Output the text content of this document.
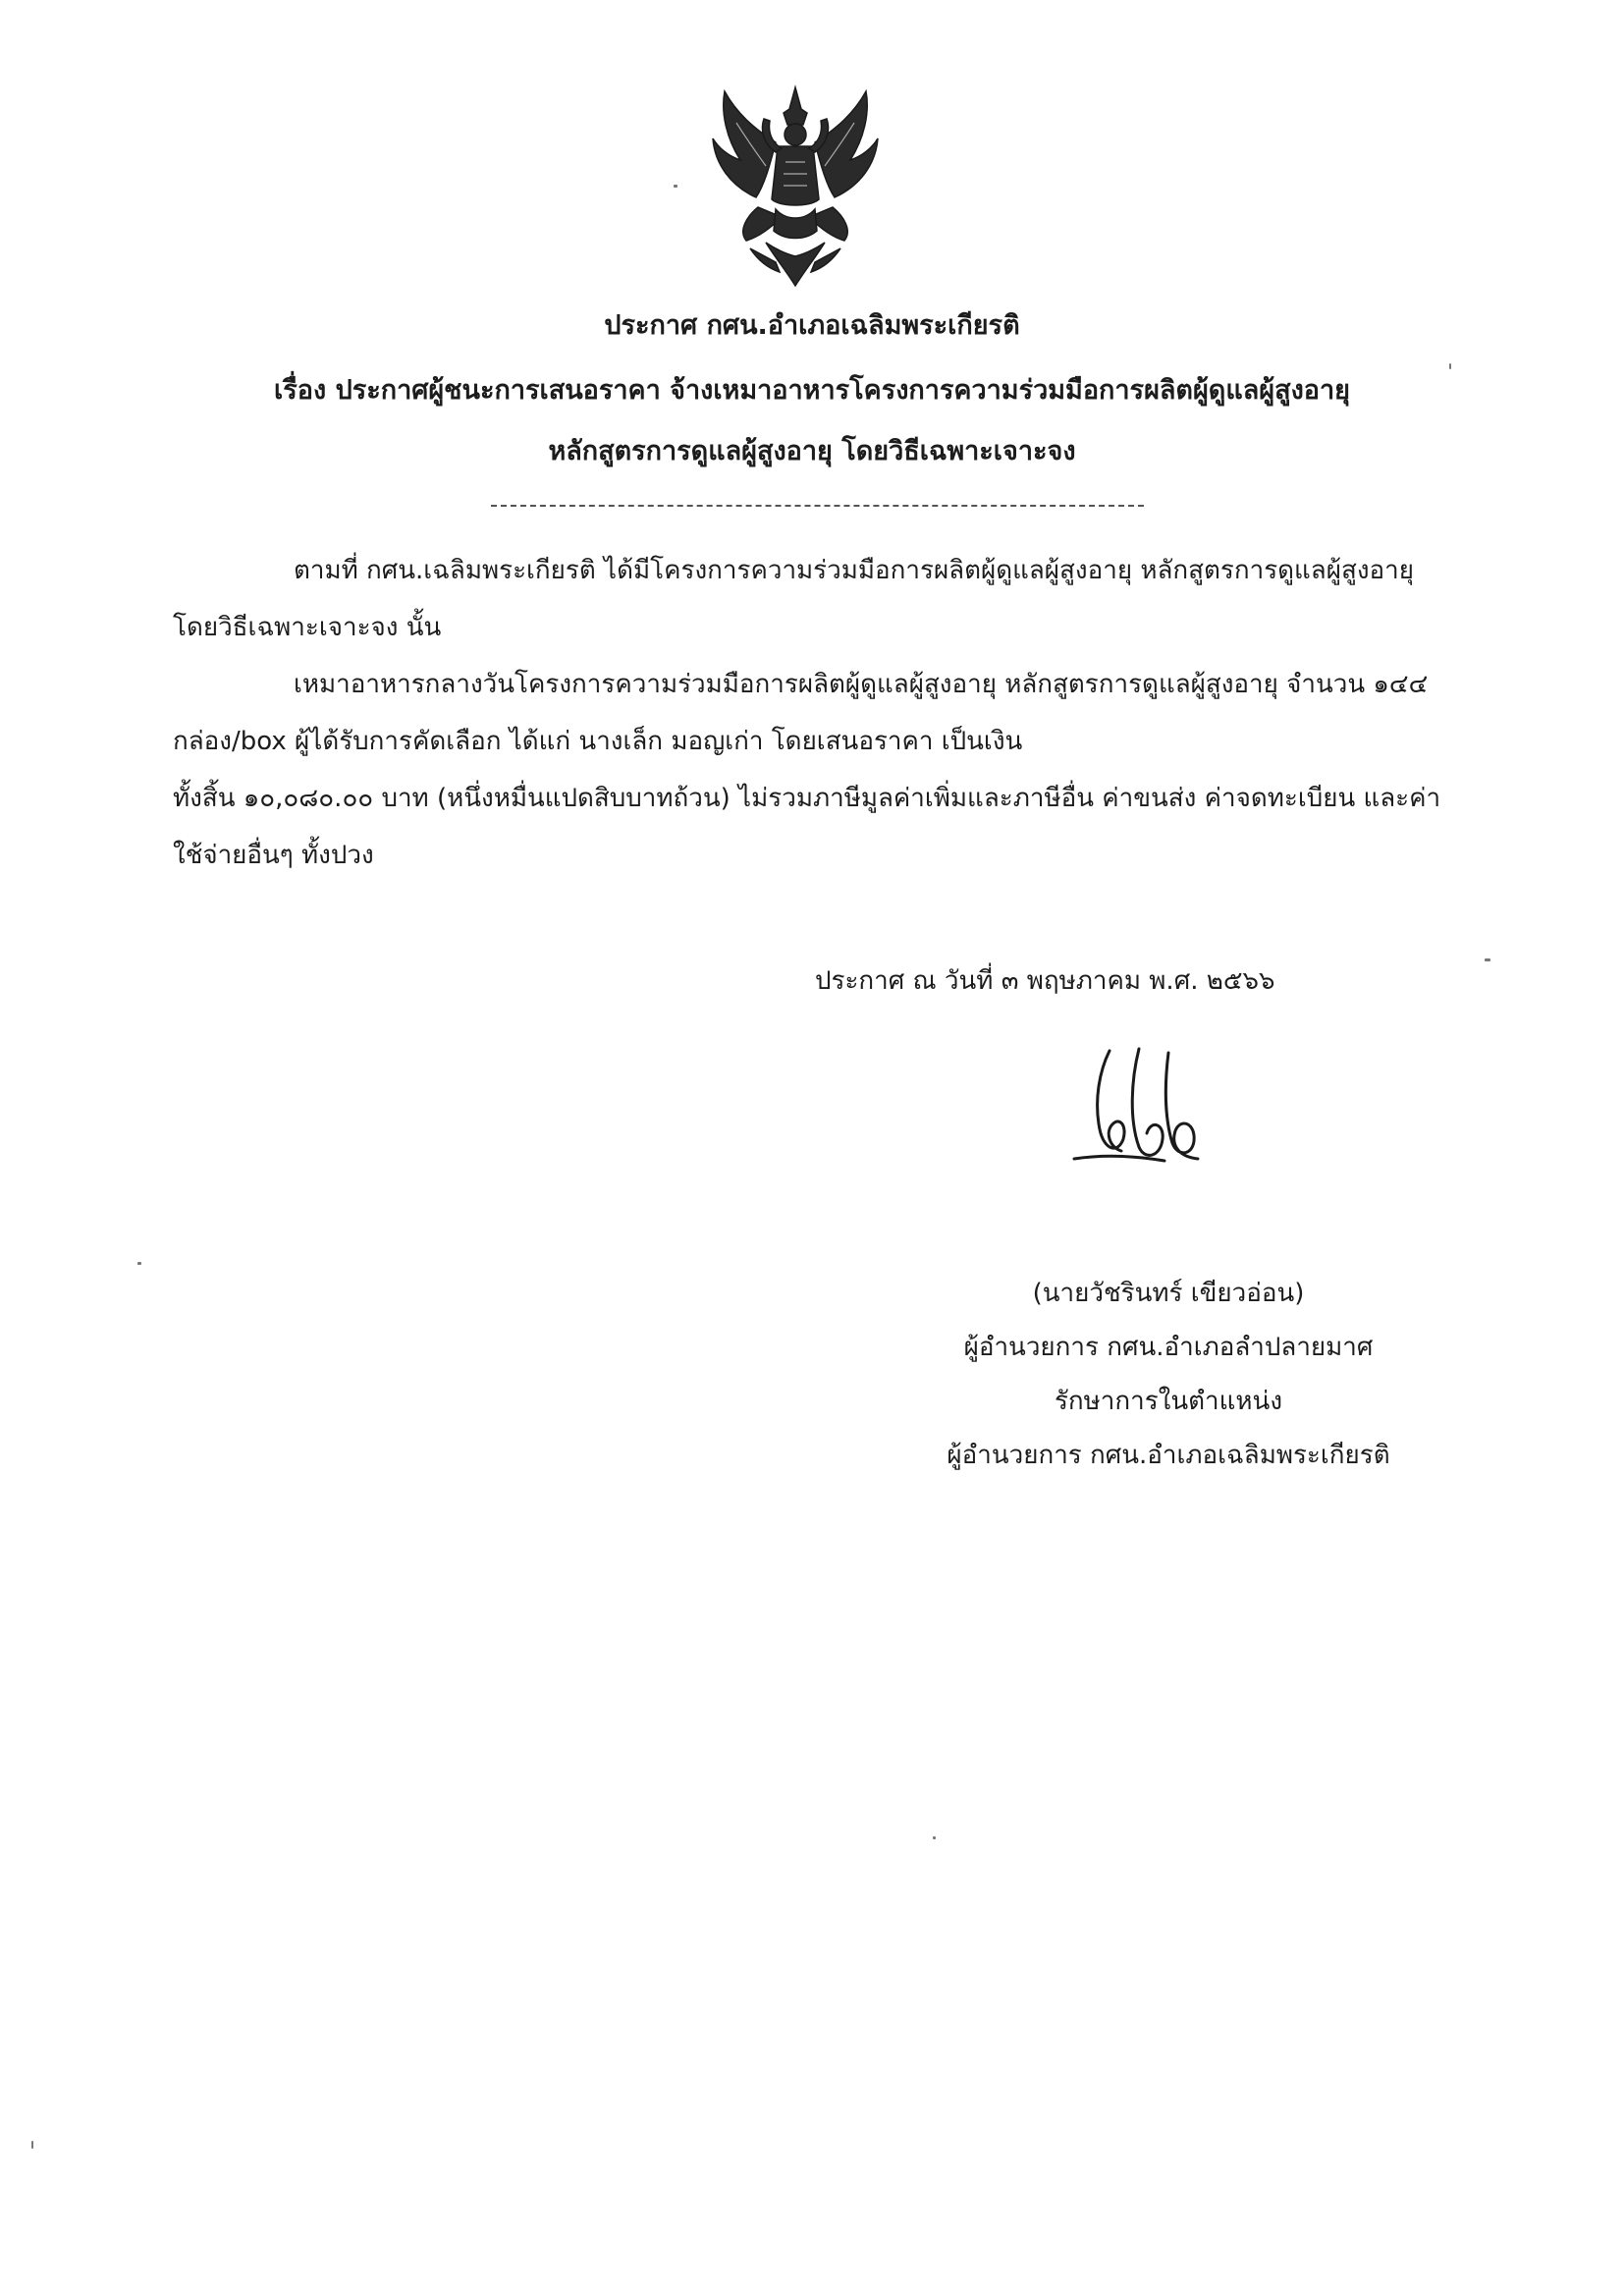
ประกาศ กศน.อำเภอเฉลิมพระเกียรติ
เรื่อง ประกาศผู้ชนะการเสนอราคา จ้างเหมาอาหารโครงการความร่วมมือการผลิตผู้ดูแลผู้สูงอายุ
หลักสูตรการดูแลผู้สูงอายุ โดยวิธีเฉพาะเจาะจง
ตามที่ กศน.เฉลิมพระเกียรติ ได้มีโครงการความร่วมมือการผลิตผู้ดูแลผู้สูงอายุ หลักสูตรการดูแลผู้สูงอายุ โดยวิธีเฉพาะเจาะจง นั้น
เหมาอาหารกลางวันโครงการความร่วมมือการผลิตผู้ดูแลผู้สูงอายุ หลักสูตรการดูแลผู้สูงอายุ จำนวน ๑๔๔ กล่อง/box ผู้ได้รับการคัดเลือก ได้แก่ นางเล็ก มอญเก่า โดยเสนอราคา เป็นเงิน
ทั้งสิ้น ๑๐,๐๘๐.๐๐ บาท (หนึ่งหมื่นแปดสิบบาทถ้วน) ไม่รวมภาษีมูลค่าเพิ่มและภาษีอื่น ค่าขนส่ง ค่าจดทะเบียน และค่าใช้จ่ายอื่นๆ ทั้งปวง
ประกาศ ณ วันที่ ๓ พฤษภาคม พ.ศ. ๒๕๖๖
(นายวัชรินทร์ เขียวอ่อน)
ผู้อำนวยการ กศน.อำเภอลำปลายมาศ
รักษาการในตำแหน่ง
ผู้อำนวยการ กศน.อำเภอเฉลิมพระเกียรติ
